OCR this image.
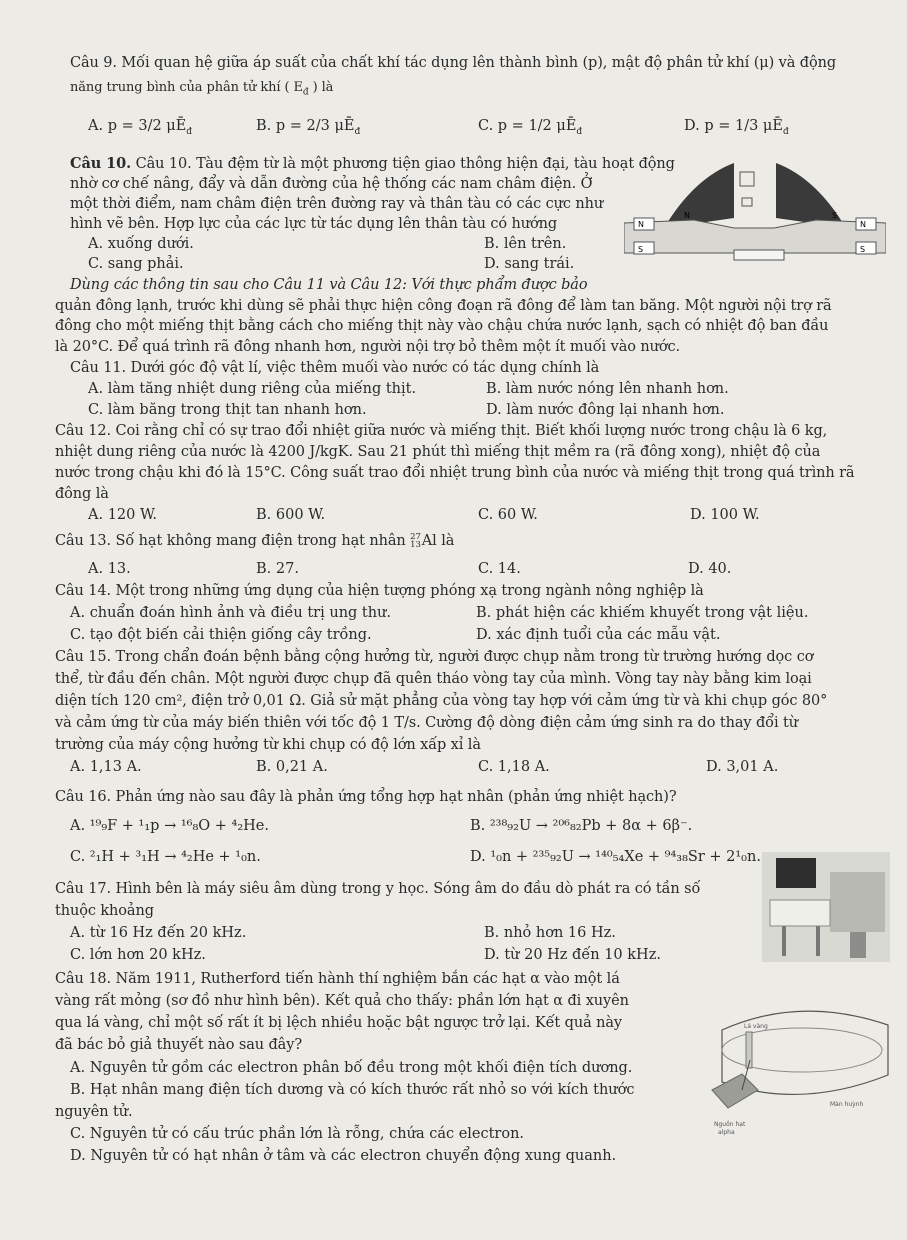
Câu 9. Mối quan hệ giữa áp suất của chất khí tác dụng lên thành bình (p), mật độ phân tử khí (μ) và động
năng trung bình của phân tử khí ( $E_đ$ ) là
A. p = 3/2 $\mu Ē_đ$	B. p = 2/3 $\mu Ē_đ$	C. p = 1/2 $\mu Ē_đ$	D. p = 1/3 $\mu Ē_đ$
Câu 10. Câu 10. Tàu đệm từ là một phương tiện giao thông hiện đại, tàu hoạt động
nhờ cơ chế nâng, đẩy và dẫn đường của hệ thống các nam châm điện. Ở
một thời điểm, nam châm điện trên đường ray và thân tàu có các cực như
hình vẽ bên. Hợp lực của các lực từ tác dụng lên thân tàu có hướng
A. xuống dưới.	B. lên trên.
C. sang phải.	D. sang trái.
N
S
N
S
S
N
Dùng các thông tin sau cho Câu 11 và Câu 12: Với thực phẩm được bảo
quản đông lạnh, trước khi dùng sẽ phải thực hiện công đoạn rã đông để làm tan băng. Một người nội trợ rã
đông cho một miếng thịt bằng cách cho miếng thịt này vào chậu chứa nước lạnh, sạch có nhiệt độ ban đầu
là 20°C. Để quá trình rã đông nhanh hơn, người nội trợ bỏ thêm một ít muối vào nước.
Câu 11. Dưới góc độ vật lí, việc thêm muối vào nước có tác dụng chính là
A. làm tăng nhiệt dung riêng của miếng thịt.	B. làm nước nóng lên nhanh hơn.
C. làm băng trong thịt tan nhanh hơn.	D. làm nước đông lại nhanh hơn.
Câu 12. Coi rằng chỉ có sự trao đổi nhiệt giữa nước và miếng thịt. Biết khối lượng nước trong chậu là 6 kg,
nhiệt dung riêng của nước là 4200 J/kgK. Sau 21 phút thì miếng thịt mềm ra (rã đông xong), nhiệt độ của
nước trong chậu khi đó là 15°C. Công suất trao đổi nhiệt trung bình của nước và miếng thịt trong quá trình rã
đông là
A. 120 W.	B. 600 W.	C. 60 W.	D. 100 W.
Câu 13. Số hạt không mang điện trong hạt nhân 27
13Al là
A. 13.	B. 27.	C. 14.	D. 40.
Câu 14. Một trong những ứng dụng của hiện tượng phóng xạ trong ngành nông nghiệp là
A. chuẩn đoán hình ảnh và điều trị ung thư.	B. phát hiện các khiếm khuyết trong vật liệu.
C. tạo đột biến cải thiện giống cây trồng.	D. xác định tuổi của các mẫu vật.
Câu 15. Trong chẩn đoán bệnh bằng cộng hưởng từ, người được chụp nằm trong từ trường hướng dọc cơ
thể, từ đầu đến chân. Một người được chụp đã quên tháo vòng tay của mình. Vòng tay này bằng kim loại
diện tích 120 cm², điện trở 0,01 Ω. Giả sử mặt phẳng của vòng tay hợp với cảm ứng từ và khi chụp góc 80°
và cảm ứng từ của máy biến thiên với tốc độ 1 T/s. Cường độ dòng điện cảm ứng sinh ra do thay đổi từ
trường của máy cộng hưởng từ khi chụp có độ lớn xấp xỉ là
A. 1,13 A.	B. 0,21 A.	C. 1,18 A.	D. 3,01 A.
Câu 16. Phản ứng nào sau đây là phản ứng tổng hợp hạt nhân (phản ứng nhiệt hạch)?
A. ¹⁹₉F + ¹₁p → ¹⁶₈O + ⁴₂He.	B. ²³⁸₉₂U → ²⁰⁶₈₂Pb + 8α + 6β⁻.
C. ²₁H + ³₁H → ⁴₂He + ¹₀n.	D. ¹₀n + ²³⁵₉₂U → ¹⁴⁰₅₄Xe + ⁹⁴₃₈Sr + 2¹₀n.
Câu 17. Hình bên là máy siêu âm dùng trong y học. Sóng âm do đầu dò phát ra có tần số
thuộc khoảng
A. từ 16 Hz đến 20 kHz.	B. nhỏ hơn 16 Hz.
C. lớn hơn 20 kHz.	D. từ 20 Hz đến 10 kHz.
Câu 18. Năm 1911, Rutherford tiến hành thí nghiệm bắn các hạt α vào một lá
vàng rất mỏng (sơ đồ như hình bên). Kết quả cho thấy: phần lớn hạt α đi xuyên
qua lá vàng, chỉ một số rất ít bị lệch nhiều hoặc bật ngược trở lại. Kết quả này
đã bác bỏ giả thuyết nào sau đây?
A. Nguyên tử gồm các electron phân bố đều trong một khối điện tích dương.
B. Hạt nhân mang điện tích dương và có kích thước rất nhỏ so với kích thước
nguyên tử.
C. Nguyên tử có cấu trúc phần lớn là rỗng, chứa các electron.
D. Nguyên tử có hạt nhân ở tâm và các electron chuyển động xung quanh.
Lá vàng
Màn huỳnh
Nguồn hạt
alpha
